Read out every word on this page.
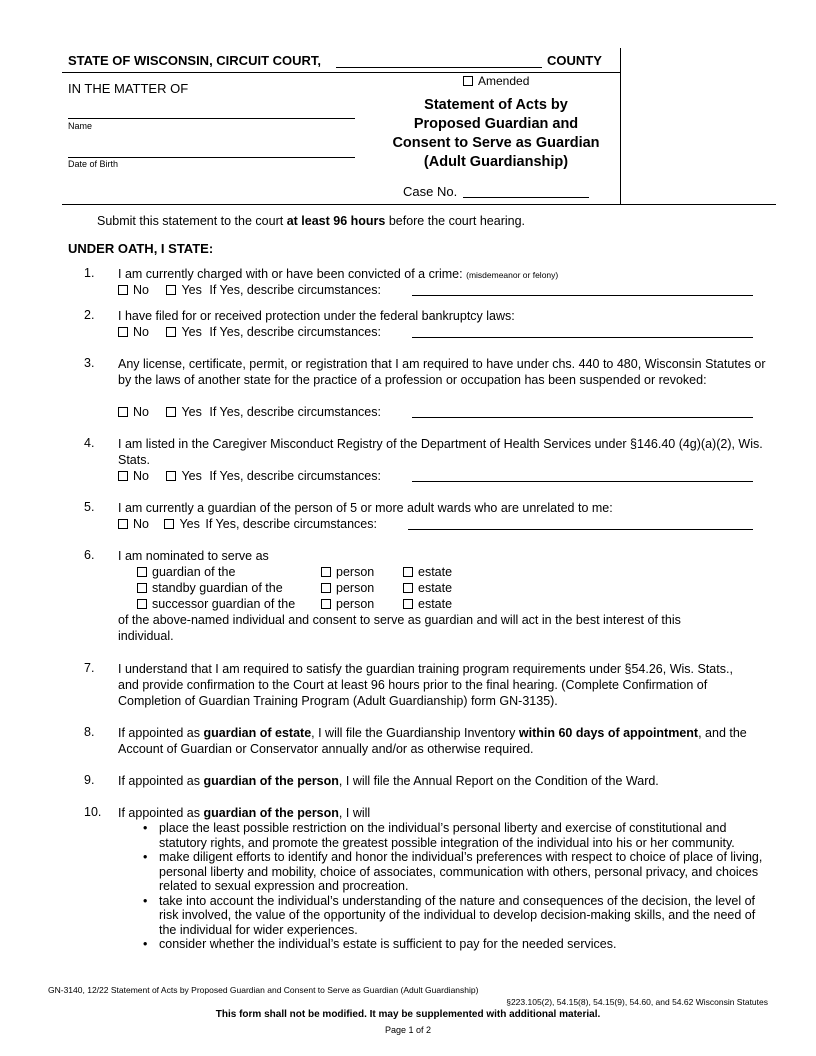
STATE OF WISCONSIN, CIRCUIT COURT,	COUNTY
IN THE MATTER OF
Name
Date of Birth
Amended
Statement of Acts by
Proposed Guardian and
Consent to Serve as Guardian
(Adult Guardianship)
Case No.
Submit this statement to the court at least 96 hours before the court hearing.
UNDER OATH, I STATE:
1.	I am currently charged with or have been convicted of a crime: (misdemeanor or felony)
No	Yes If Yes, describe circumstances:
2.	I have filed for or received protection under the federal bankruptcy laws:
No	Yes If Yes, describe circumstances:
3.	Any license, certificate, permit, or registration that I am required to have under chs. 440 to 480, Wisconsin Statutes or by the laws of another state for the practice of a profession or occupation has been suspended or revoked:
No	Yes If Yes, describe circumstances:
4.	I am listed in the Caregiver Misconduct Registry of the Department of Health Services under §146.40 (4g)(a)(2), Wis. Stats.
No	Yes If Yes, describe circumstances:
5.	I am currently a guardian of the person of 5 or more adult wards who are unrelated to me:
No Yes If Yes, describe circumstances:
6.	I am nominated to serve as
guardian of the	person	estate
standby guardian of the	person	estate
successor guardian of the	person	estate
of the above-named individual and consent to serve as guardian and will act in the best interest of this individual.
7.	I understand that I am required to satisfy the guardian training program requirements under §54.26, Wis. Stats., and provide confirmation to the Court at least 96 hours prior to the final hearing. (Complete Confirmation of Completion of Guardian Training Program (Adult Guardianship) form GN-3135).
8.	If appointed as guardian of estate, I will file the Guardianship Inventory within 60 days of appointment, and the Account of Guardian or Conservator annually and/or as otherwise required.
9.	If appointed as guardian of the person, I will file the Annual Report on the Condition of the Ward.
10. If appointed as guardian of the person, I will
• place the least possible restriction on the individual’s personal liberty and exercise of constitutional and statutory rights, and promote the greatest possible integration of the individual into his or her community.
• make diligent efforts to identify and honor the individual’s preferences with respect to choice of place of living, personal liberty and mobility, choice of associates, communication with others, personal privacy, and choices related to sexual expression and procreation.
• take into account the individual’s understanding of the nature and consequences of the decision, the level of risk involved, the value of the opportunity of the individual to develop decision-making skills, and the need of the individual for wider experiences.
• consider whether the individual’s estate is sufficient to pay for the needed services.
GN-3140, 12/22 Statement of Acts by Proposed Guardian and Consent to Serve as Guardian (Adult Guardianship)
§223.105(2), 54.15(8), 54.15(9), 54.60, and 54.62 Wisconsin Statutes
This form shall not be modified. It may be supplemented with additional material.
Page 1 of 2
